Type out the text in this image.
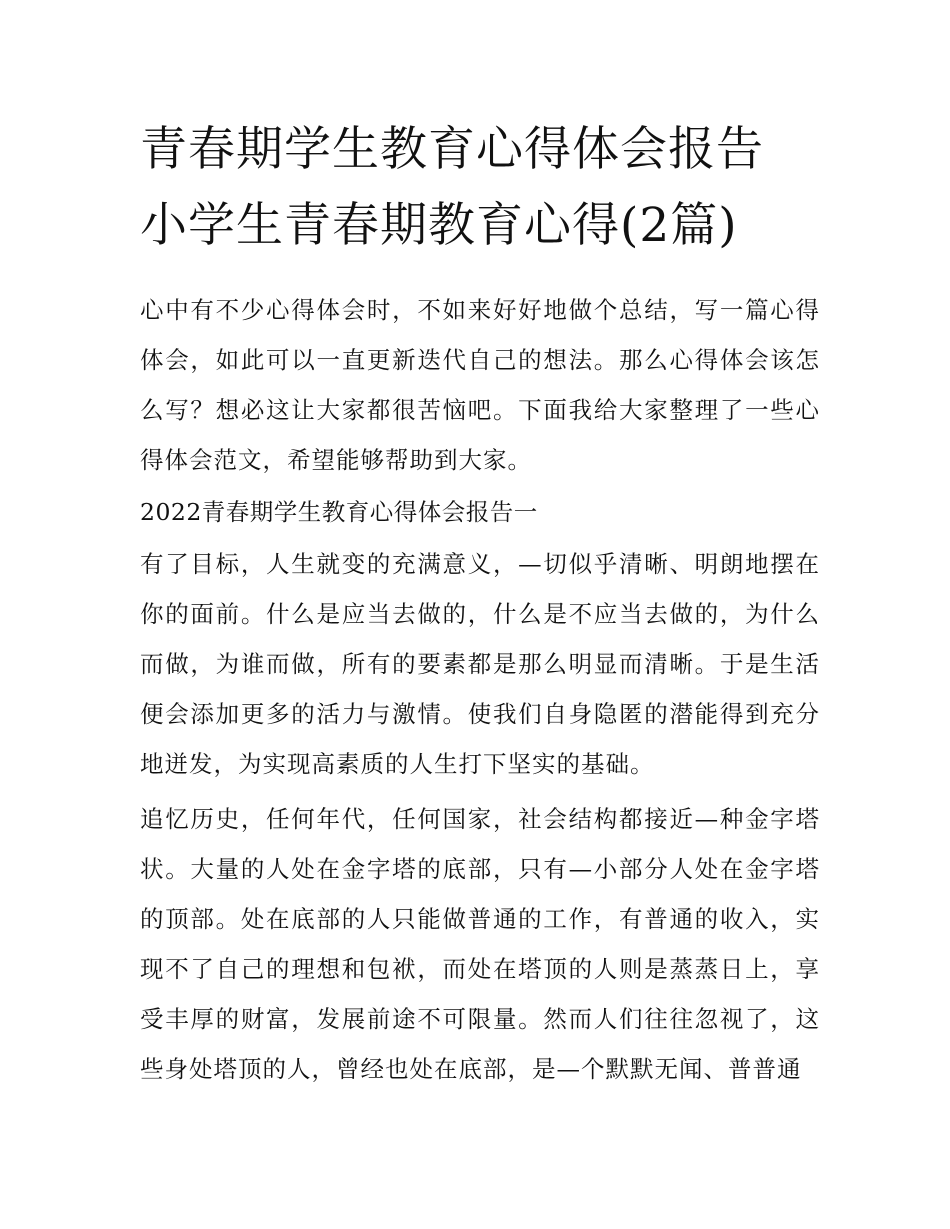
青春期学生教育心得体会报告
小学生青春期教育心得(2篇)

心中有不少心得体会时，不如来好好地做个总结，写一篇心得体会，如此可以一直更新迭代自己的想法。那么心得体会该怎么写？想必这让大家都很苦恼吧。下面我给大家整理了一些心得体会范文，希望能够帮助到大家。

2022青春期学生教育心得体会报告一

有了目标，人生就变的充满意义，—切似乎清晰、明朗地摆在你的面前。什么是应当去做的，什么是不应当去做的，为什么而做，为谁而做，所有的要素都是那么明显而清晰。于是生活便会添加更多的活力与激情。使我们自身隐匿的潜能得到充分地迸发，为实现高素质的人生打下坚实的基础。

追忆历史，任何年代，任何国家，社会结构都接近—种金字塔状。大量的人处在金字塔的底部，只有—小部分人处在金字塔的顶部。处在底部的人只能做普通的工作，有普通的收入，实现不了自己的理想和包袱，而处在塔顶的人则是蒸蒸日上，享受丰厚的财富，发展前途不可限量。然而人们往往忽视了，这些身处塔顶的人，曾经也处在底部，是—个默默无闻、普普通
